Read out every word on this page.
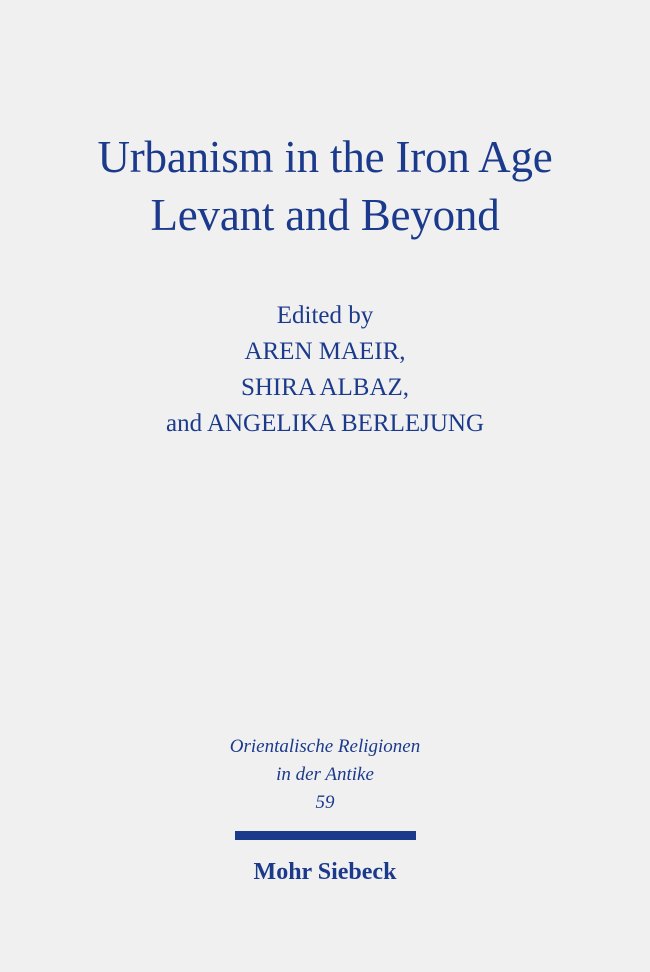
Urbanism in the Iron Age
Levant and Beyond
Edited by
AREN MAEIR,
SHIRA ALBAZ,
and ANGELIKA BERLEJUNG
Orientalische Religionen
in der Antike
59
Mohr Siebeck
